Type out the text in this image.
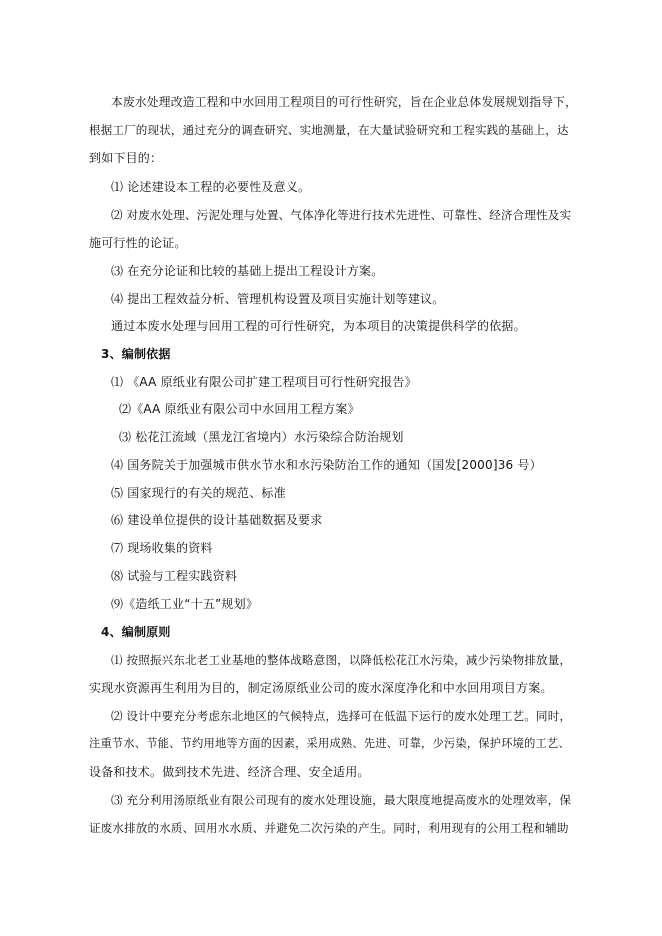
本废水处理改造工程和中水回用工程项目的可行性研究，旨在企业总体发展规划指导下，
根据工厂的现状，通过充分的调查研究、实地测量，在大量试验研究和工程实践的基础上，达
到如下目的：
⑴ 论述建设本工程的必要性及意义。
⑵ 对废水处理、污泥处理与处置、气体净化等进行技术先进性、可靠性、经济合理性及实
施可行性的论证。
⑶ 在充分论证和比较的基础上提出工程设计方案。
⑷ 提出工程效益分析、管理机构设置及项目实施计划等建议。
通过本废水处理与回用工程的可行性研究，为本项目的决策提供科学的依据。
3、编制依据
⑴ 《AA 原纸业有限公司扩建工程项目可行性研究报告》
⑵《AA 原纸业有限公司中水回用工程方案》
⑶ 松花江流域（黑龙江省境内）水污染综合防治规划
⑷ 国务院关于加强城市供水节水和水污染防治工作的通知（国发[2000]36 号）
⑸ 国家现行的有关的规范、标准
⑹ 建设单位提供的设计基础数据及要求
⑺ 现场收集的资料
⑻ 试验与工程实践资料
⑼《造纸工业“十五”规划》
4、编制原则
⑴ 按照振兴东北老工业基地的整体战略意图，以降低松花江水污染，减少污染物排放量，
实现水资源再生利用为目的，制定汤原纸业公司的废水深度净化和中水回用项目方案。
⑵ 设计中要充分考虑东北地区的气候特点，选择可在低温下运行的废水处理工艺。同时，
注重节水、节能、节约用地等方面的因素，采用成熟、先进、可靠，少污染，保护环境的工艺、
设备和技术。做到技术先进、经济合理、安全适用。
⑶ 充分利用汤原纸业有限公司现有的废水处理设施，最大限度地提高废水的处理效率，保
证废水排放的水质、回用水水质、并避免二次污染的产生。同时，利用现有的公用工程和辅助
